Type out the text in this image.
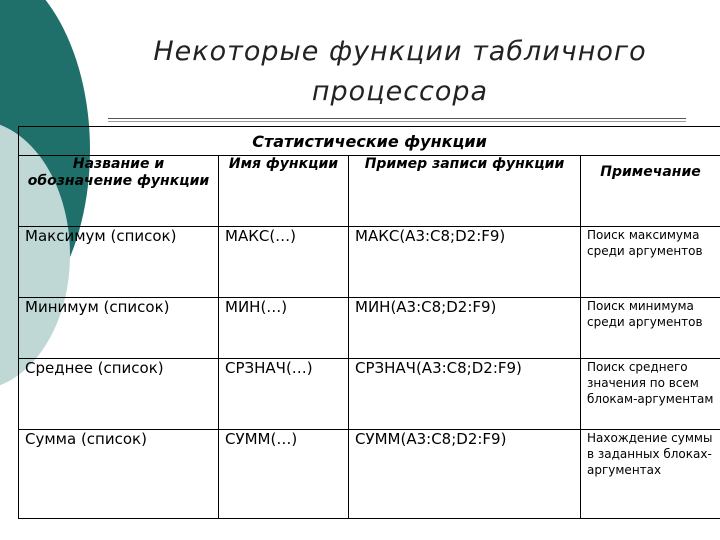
Некоторые функции табличного
процессора
Статистические функции			
Название и обозначение функции	Имя функции	Пример записи функции	Примечание
Максимум (список)	МАКС(…)	МАКС(A3:C8;D2:F9)	Поиск максимума среди аргументов
Минимум (список)	МИН(…)	МИН(A3:C8;D2:F9)	Поиск минимума среди аргументов
Среднее (список)	СРЗНАЧ(…)	СРЗНАЧ(A3:C8;D2:F9)	Поиск среднего значения по всем блокам-аргументам
Сумма (список)	СУММ(…)	СУММ(A3:C8;D2:F9)	Нахождение суммы в заданных блоках-аргументах
